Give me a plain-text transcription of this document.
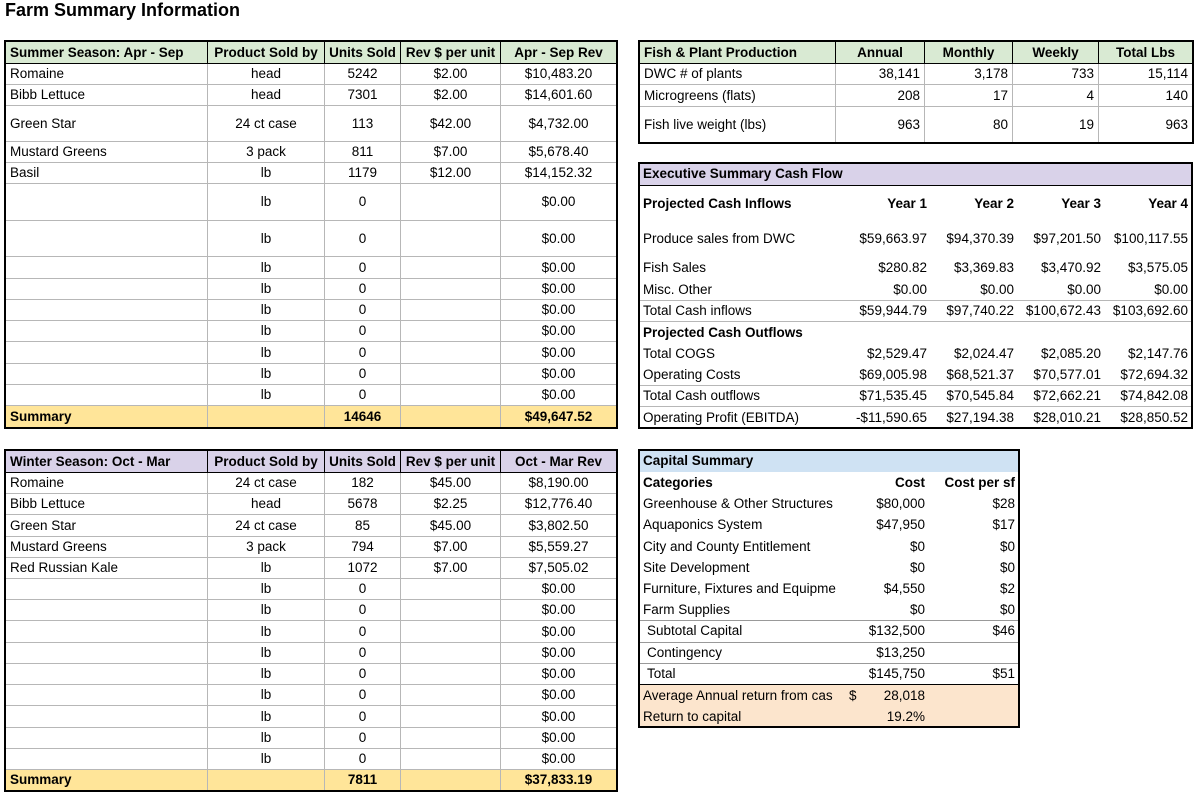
Farm Summary Information
Summer Season: Apr - Sep	Product Sold by	Units Sold	Rev $ per unit	Apr - Sep Rev
Romaine	head	5242	$2.00	$10,483.20
Bibb Lettuce	head	7301	$2.00	$14,601.60
Green Star	24 ct case	113	$42.00	$4,732.00
Mustard Greens	3 pack	811	$7.00	$5,678.40
Basil	lb	1179	$12.00	$14,152.32
	lb	0		$0.00
	lb	0		$0.00
	lb	0		$0.00
	lb	0		$0.00
	lb	0		$0.00
	lb	0		$0.00
	lb	0		$0.00
	lb	0		$0.00
	lb	0		$0.00
Summary		14646		$49,647.52
Winter Season: Oct - Mar	Product Sold by	Units Sold	Rev $ per unit	Oct - Mar Rev
Romaine	24 ct case	182	$45.00	$8,190.00
Bibb Lettuce	head	5678	$2.25	$12,776.40
Green Star	24 ct case	85	$45.00	$3,802.50
Mustard Greens	3 pack	794	$7.00	$5,559.27
Red Russian Kale	lb	1072	$7.00	$7,505.02
	lb	0		$0.00
	lb	0		$0.00
	lb	0		$0.00
	lb	0		$0.00
	lb	0		$0.00
	lb	0		$0.00
	lb	0		$0.00
	lb	0		$0.00
	lb	0		$0.00
Summary		7811		$37,833.19
Fish & Plant Production	Annual	Monthly	Weekly	Total Lbs
DWC # of plants	38,141	3,178	733	15,114
Microgreens (flats)	208	17	4	140
Fish live weight (lbs)	963	80	19	963
Executive Summary Cash Flow				
Projected Cash Inflows	Year 1	Year 2	Year 3	Year 4
Produce sales from DWC	$59,663.97	$94,370.39	$97,201.50	$100,117.55
Fish Sales	$280.82	$3,369.83	$3,470.92	$3,575.05
Misc. Other	$0.00	$0.00	$0.00	$0.00
Total Cash inflows	$59,944.79	$97,740.22	$100,672.43	$103,692.60
Projected Cash Outflows				
Total COGS	$2,529.47	$2,024.47	$2,085.20	$2,147.76
Operating Costs	$69,005.98	$68,521.37	$70,577.01	$72,694.32
Total Cash outflows	$71,535.45	$70,545.84	$72,662.21	$74,842.08
Operating Profit (EBITDA)	-$11,590.65	$27,194.38	$28,010.21	$28,850.52
Capital Summary		
Categories	Cost	Cost per sf
Greenhouse & Other Structures	$80,000	$28
Aquaponics System	$47,950	$17
City and County Entitlement	$0	$0
Site Development	$0	$0
Furniture, Fixtures and Equipme	$4,550	$2
Farm Supplies	$0	$0
Subtotal Capital	$132,500	$46
Contingency	$13,250	
Total	$145,750	$51
Average Annual return from cas	$ 28,018	

Return to capital	19.2%	
